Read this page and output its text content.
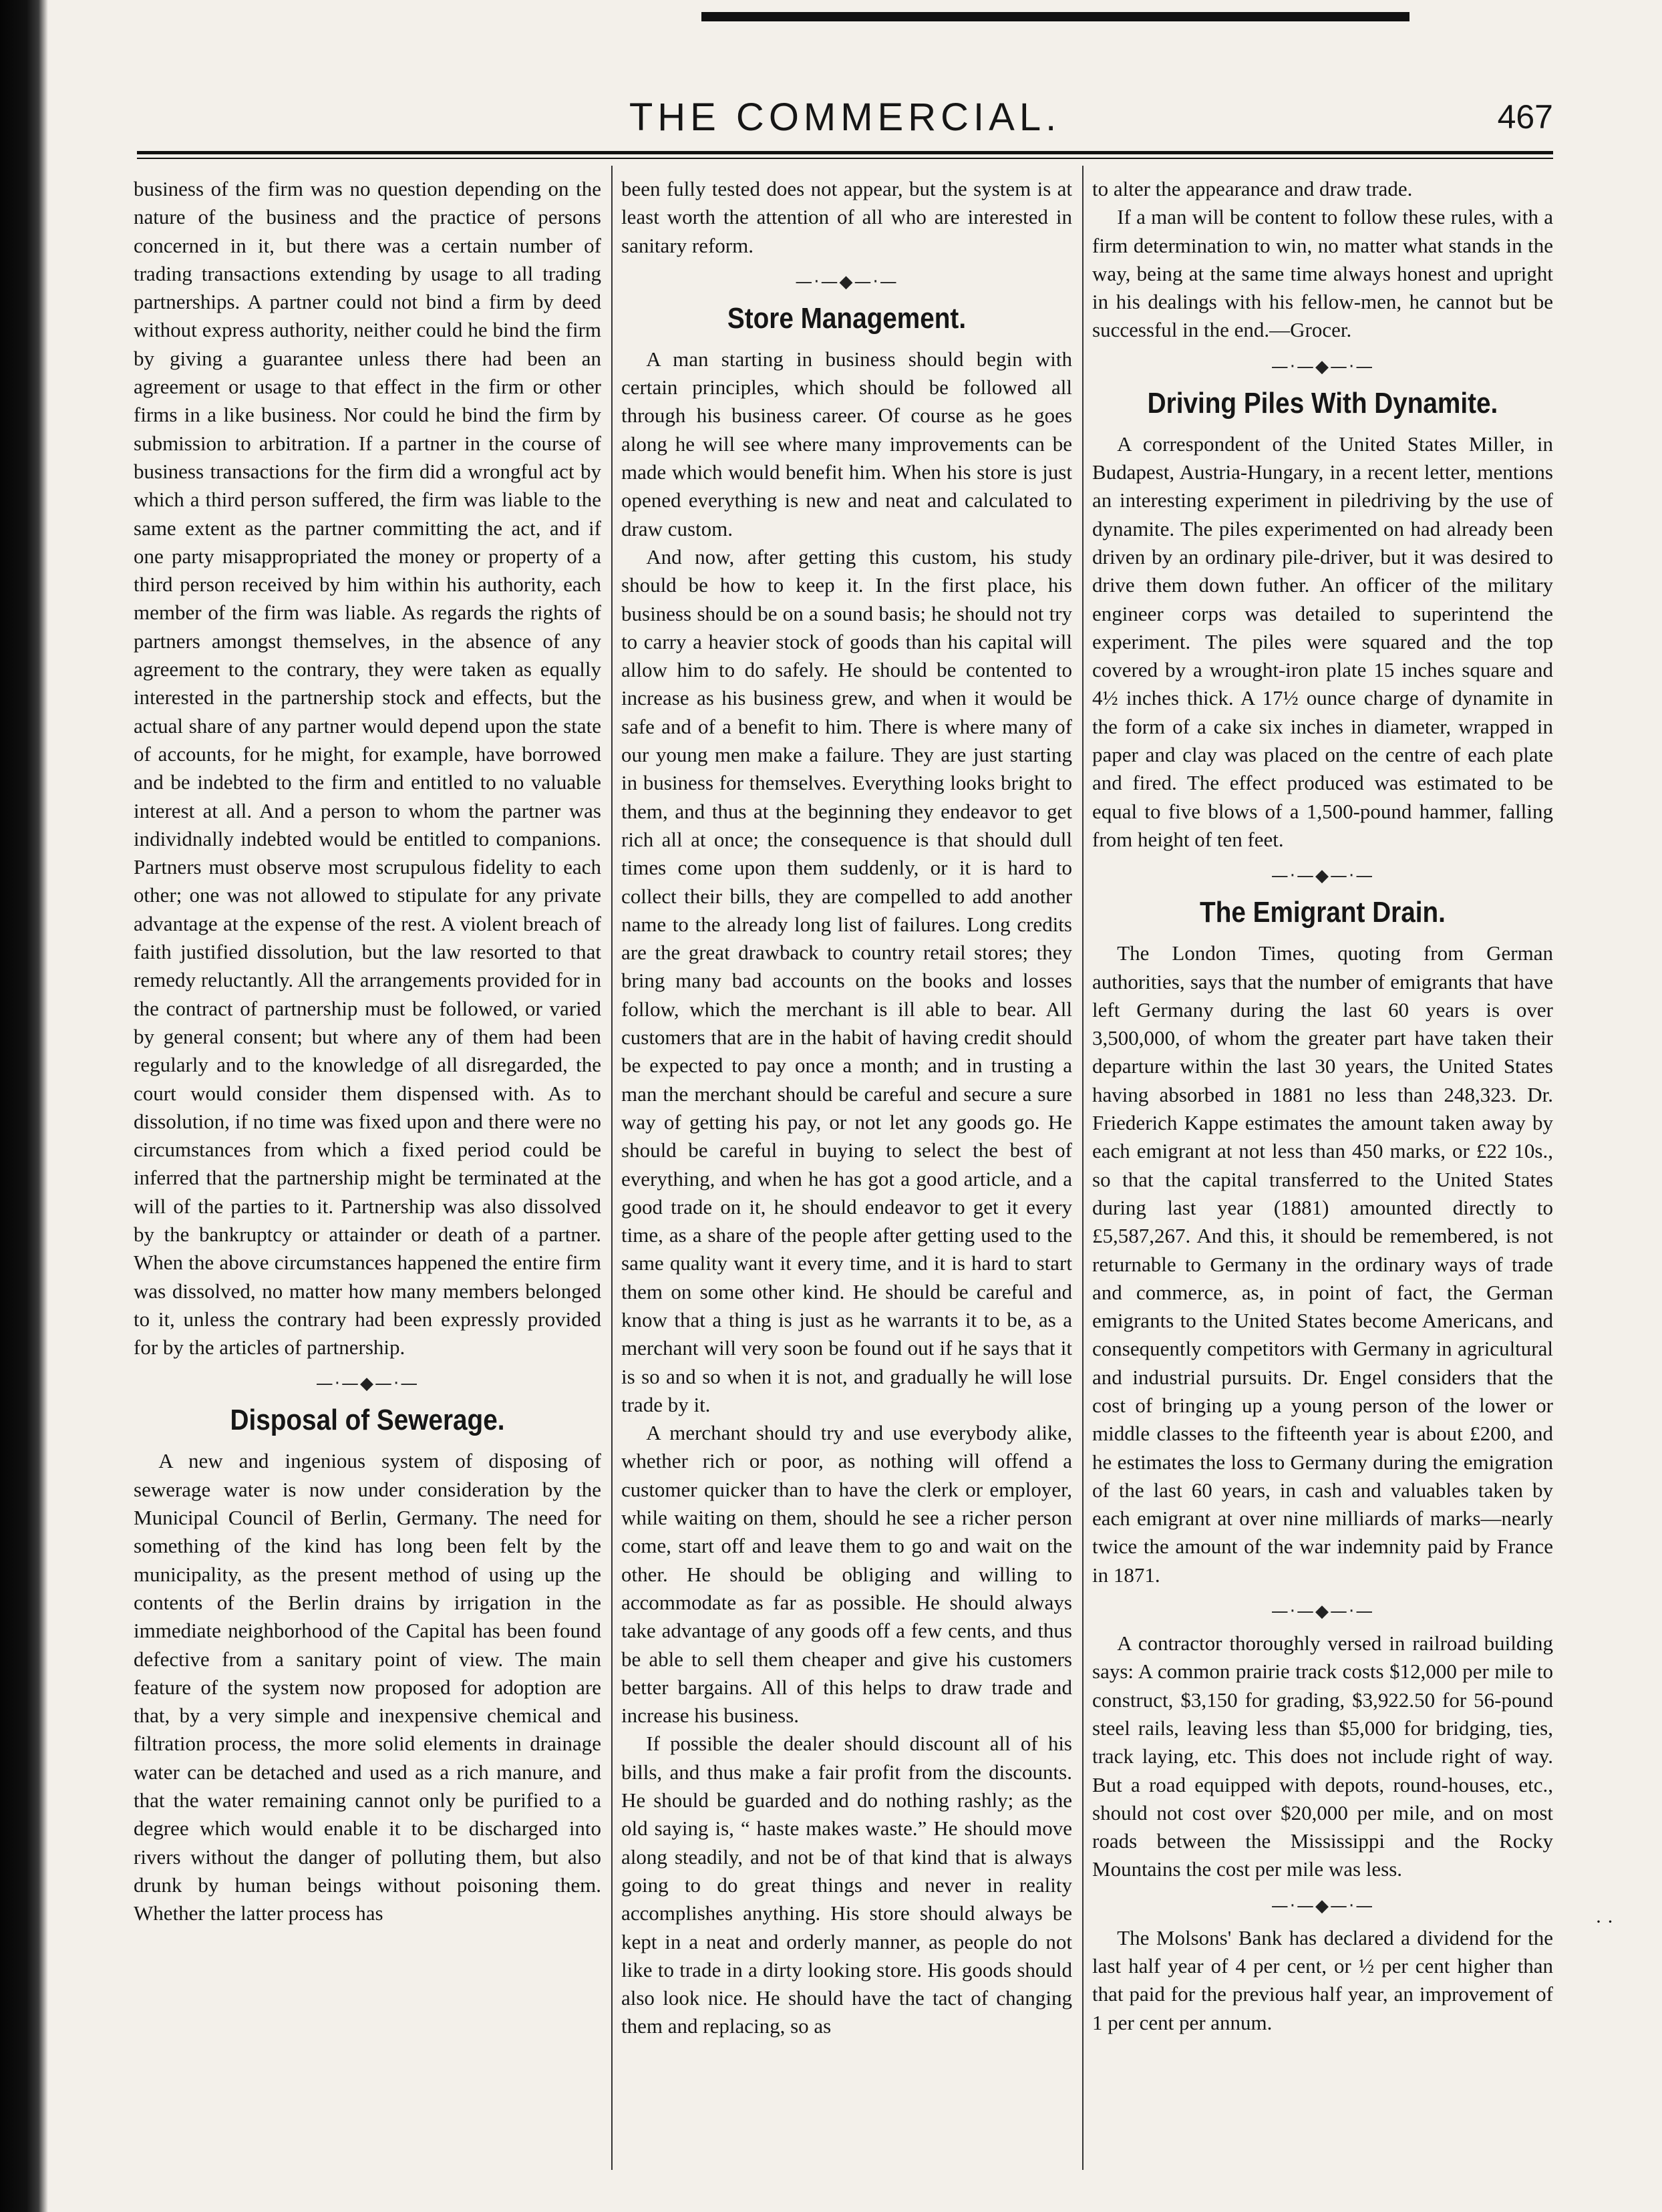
THE COMMERCIAL.	467

business of the firm was no question depending on the nature of the business and the practice of persons concerned in it, but there was a certain number of trading transactions extending by usage to all trading partnerships. A partner could not bind a firm by deed without express authority, neither could he bind the firm by giving a guarantee unless there had been an agreement or usage to that effect in the firm or other firms in a like business. Nor could he bind the firm by submission to arbitration. If a partner in the course of business transactions for the firm did a wrongful act by which a third person suffered, the firm was liable to the same extent as the partner committing the act, and if one party misappropriated the money or property of a third person received by him within his authority, each member of the firm was liable. As regards the rights of partners amongst themselves, in the absence of any agreement to the contrary, they were taken as equally interested in the partnership stock and effects, but the actual share of any partner would depend upon the state of accounts, for he might, for example, have borrowed and be indebted to the firm and entitled to no valuable interest at all. And a person to whom the partner was individnally indebted would be entitled to companions. Partners must observe most scrupulous fidelity to each other; one was not allowed to stipulate for any private advantage at the expense of the rest. A violent breach of faith justified dissolution, but the law resorted to that remedy reluctantly. All the arrangements provided for in the contract of partnership must be followed, or varied by general consent; but where any of them had been regularly and to the knowledge of all disregarded, the court would consider them dispensed with. As to dissolution, if no time was fixed upon and there were no circumstances from which a fixed period could be inferred that the partnership might be terminated at the will of the parties to it. Partnership was also dissolved by the bankruptcy or attainder or death of a partner. When the above circumstances happened the entire firm was dissolved, no matter how many members belonged to it, unless the contrary had been expressly provided for by the articles of partnership.

—·—◆—·—
Disposal of Sewerage.

A new and ingenious system of disposing of sewerage water is now under consideration by the Municipal Council of Berlin, Germany. The need for something of the kind has long been felt by the municipality, as the present method of using up the contents of the Berlin drains by irrigation in the immediate neighborhood of the Capital has been found defective from a sanitary point of view. The main feature of the system now proposed for adoption are that, by a very simple and inexpensive chemical and filtration process, the more solid elements in drainage water can be detached and used as a rich manure, and that the water remaining cannot only be purified to a degree which would enable it to be discharged into rivers without the danger of polluting them, but also drunk by human beings without poisoning them. Whether the latter process has

been fully tested does not appear, but the system is at least worth the attention of all who are interested in sanitary reform.

—·—◆—·—
Store Management.

A man starting in business should begin with certain principles, which should be followed all through his business career. Of course as he goes along he will see where many improvements can be made which would benefit him. When his store is just opened everything is new and neat and calculated to draw custom.

And now, after getting this custom, his study should be how to keep it. In the first place, his business should be on a sound basis; he should not try to carry a heavier stock of goods than his capital will allow him to do safely. He should be contented to increase as his business grew, and when it would be safe and of a benefit to him. There is where many of our young men make a failure. They are just starting in business for themselves. Everything looks bright to them, and thus at the beginning they endeavor to get rich all at once; the consequence is that should dull times come upon them suddenly, or it is hard to collect their bills, they are compelled to add another name to the already long list of failures. Long credits are the great drawback to country retail stores; they bring many bad accounts on the books and losses follow, which the merchant is ill able to bear. All customers that are in the habit of having credit should be expected to pay once a month; and in trusting a man the merchant should be careful and secure a sure way of getting his pay, or not let any goods go. He should be careful in buying to select the best of everything, and when he has got a good article, and a good trade on it, he should endeavor to get it every time, as a share of the people after getting used to the same quality want it every time, and it is hard to start them on some other kind. He should be careful and know that a thing is just as he warrants it to be, as a merchant will very soon be found out if he says that it is so and so when it is not, and gradually he will lose trade by it.

A merchant should try and use everybody alike, whether rich or poor, as nothing will offend a customer quicker than to have the clerk or employer, while waiting on them, should he see a richer person come, start off and leave them to go and wait on the other. He should be obliging and willing to accommodate as far as possible. He should always take advantage of any goods off a few cents, and thus be able to sell them cheaper and give his customers better bargains. All of this helps to draw trade and increase his business.

If possible the dealer should discount all of his bills, and thus make a fair profit from the discounts. He should be guarded and do nothing rashly; as the old saying is, “ haste makes waste.” He should move along steadily, and not be of that kind that is always going to do great things and never in reality accomplishes anything. His store should always be kept in a neat and orderly manner, as people do not like to trade in a dirty looking store. His goods should also look nice. He should have the tact of changing them and replacing, so as

to alter the appearance and draw trade.

If a man will be content to follow these rules, with a firm determination to win, no matter what stands in the way, being at the same time always honest and upright in his dealings with his fellow-men, he cannot but be successful in the end.—Grocer.

—·—◆—·—
Driving Piles With Dynamite.

A correspondent of the United States Miller, in Budapest, Austria-Hungary, in a recent letter, mentions an interesting experiment in piledriving by the use of dynamite. The piles experimented on had already been driven by an ordinary pile-driver, but it was desired to drive them down futher. An officer of the military engineer corps was detailed to superintend the experiment. The piles were squared and the top covered by a wrought-iron plate 15 inches square and 4½ inches thick. A 17½ ounce charge of dynamite in the form of a cake six inches in diameter, wrapped in paper and clay was placed on the centre of each plate and fired. The effect produced was estimated to be equal to five blows of a 1,500-pound hammer, falling from height of ten feet.

—·—◆—·—
The Emigrant Drain.

The London Times, quoting from German authorities, says that the number of emigrants that have left Germany during the last 60 years is over 3,500,000, of whom the greater part have taken their departure within the last 30 years, the United States having absorbed in 1881 no less than 248,323. Dr. Friederich Kappe estimates the amount taken away by each emigrant at not less than 450 marks, or £22 10s., so that the capital transferred to the United States during last year (1881) amounted directly to £5,587,267. And this, it should be remembered, is not returnable to Germany in the ordinary ways of trade and commerce, as, in point of fact, the German emigrants to the United States become Americans, and consequently competitors with Germany in agricultural and industrial pursuits. Dr. Engel considers that the cost of bringing up a young person of the lower or middle classes to the fifteenth year is about £200, and he estimates the loss to Germany during the emigration of the last 60 years, in cash and valuables taken by each emigrant at over nine milliards of marks—nearly twice the amount of the war indemnity paid by France in 1871.

—·—◆—·—

A contractor thoroughly versed in railroad building says: A common prairie track costs $12,000 per mile to construct, $3,150 for grading, $3,922.50 for 56-pound steel rails, leaving less than $5,000 for bridging, ties, track laying, etc. This does not include right of way. But a road equipped with depots, round-houses, etc., should not cost over $20,000 per mile, and on most roads between the Mississippi and the Rocky Mountains the cost per mile was less.

—·—◆—·—

The Molsons' Bank has declared a dividend for the last half year of 4 per cent, or ½ per cent higher than that paid for the previous half year, an improvement of 1 per cent per annum.

· ·
